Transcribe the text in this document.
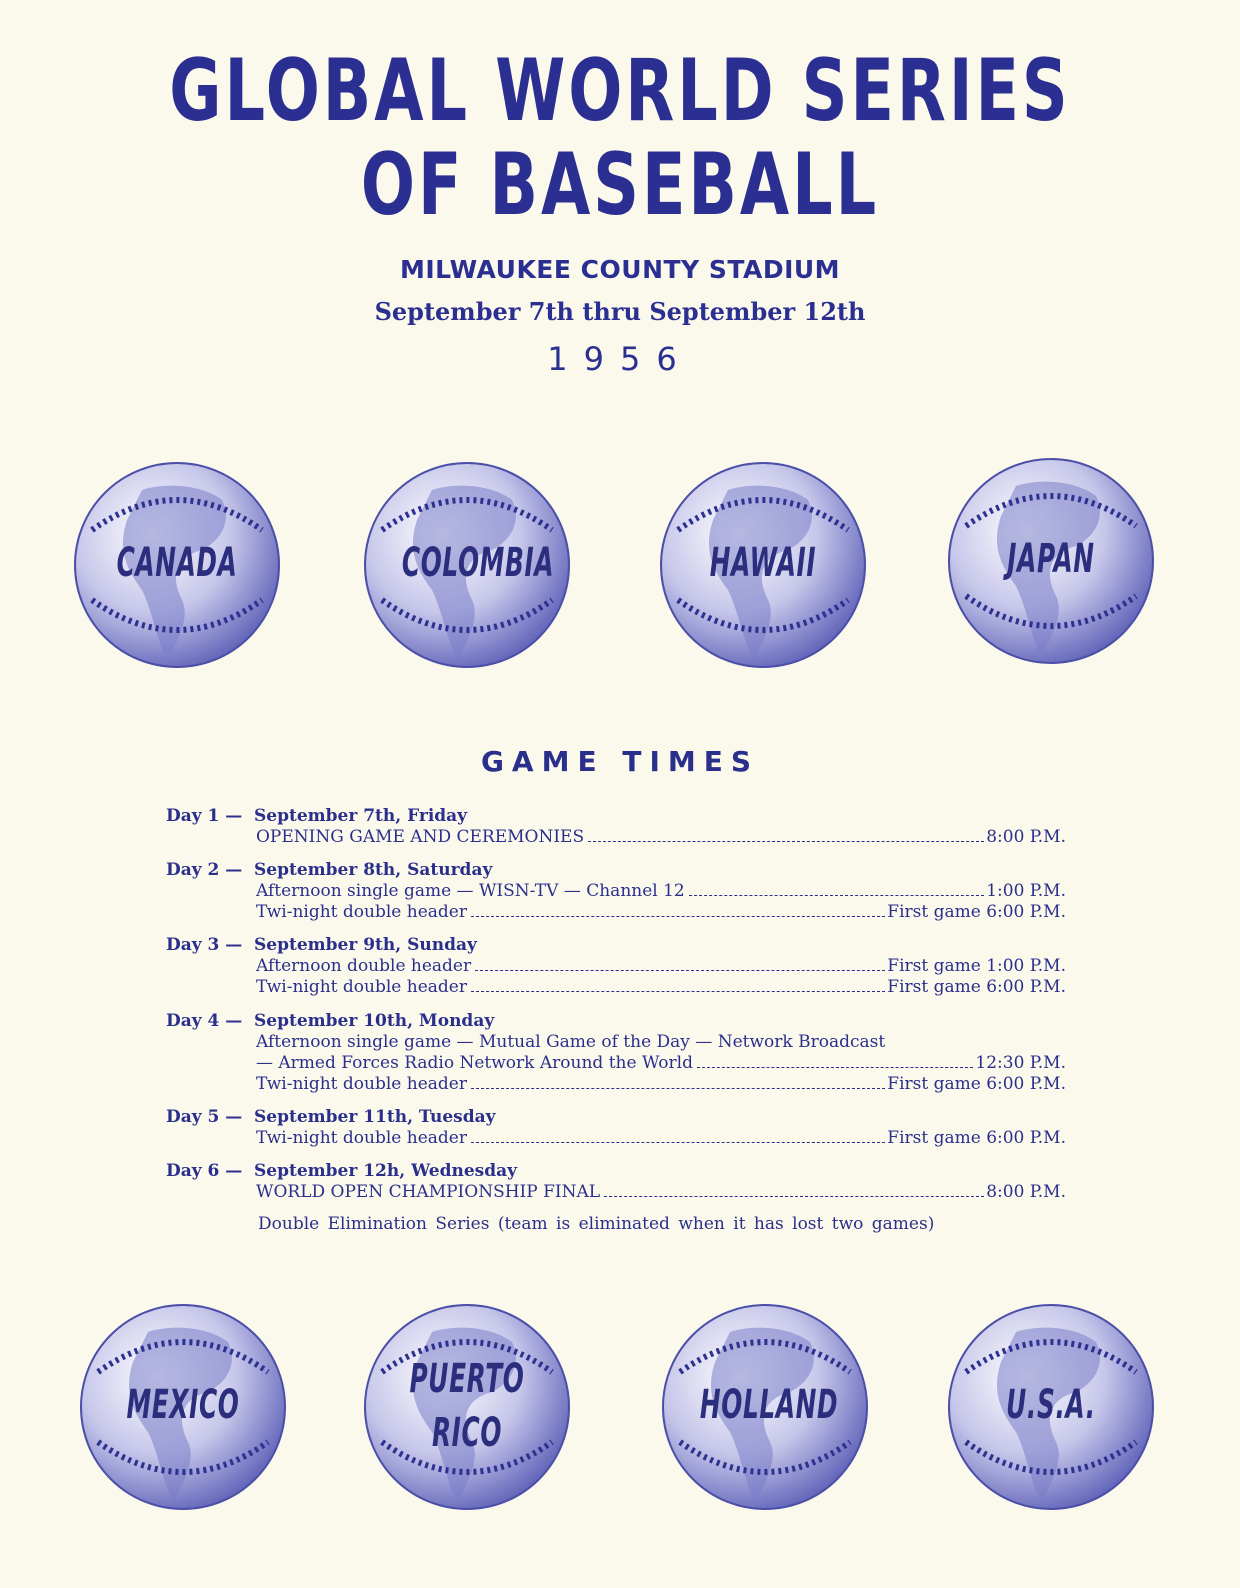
GLOBAL WORLD SERIES
OF BASEBALL
MILWAUKEE COUNTY STADIUM
September 7th thru September 12th
1956
CANADA	COLOMBIA	HAWAII	JAPAN
GAME TIMES
Day 1 — September 7th, Friday
OPENING GAME AND CEREMONIES	8:00 P.M.
Day 2 — September 8th, Saturday
Afternoon single game — WISN-TV — Channel 12	1:00 P.M.
Twi-night double header	First game 6:00 P.M.
Day 3 — September 9th, Sunday
Afternoon double header	First game 1:00 P.M.
Twi-night double header	First game 6:00 P.M.
Day 4 — September 10th, Monday
Afternoon single game — Mutual Game of the Day — Network Broadcast
— Armed Forces Radio Network Around the World	12:30 P.M.
Twi-night double header	First game 6:00 P.M.
Day 5 — September 11th, Tuesday
Twi-night double header	First game 6:00 P.M.
Day 6 — September 12h, Wednesday
WORLD OPEN CHAMPIONSHIP FINAL	8:00 P.M.
Double Elimination Series (team is eliminated when it has lost two games)
MEXICO
PUERTO
RICO
HOLLAND	U.S.A.
